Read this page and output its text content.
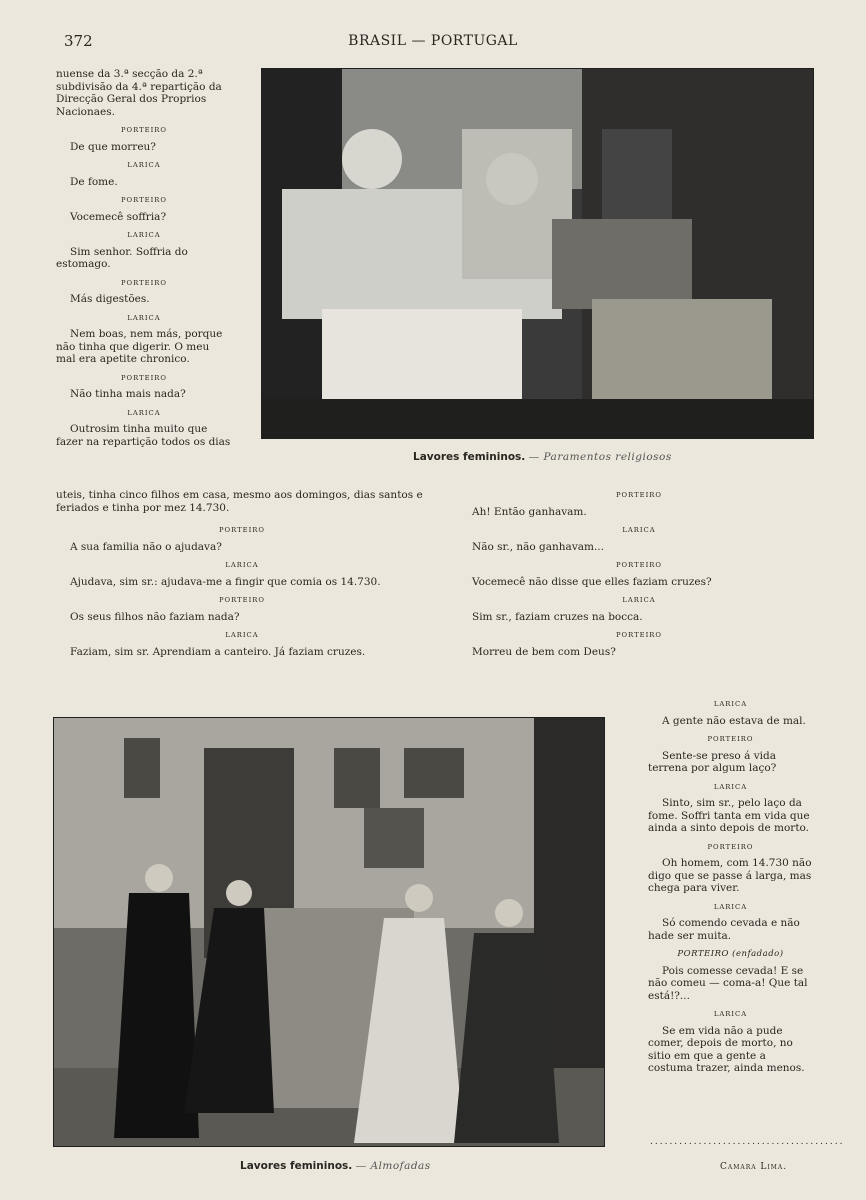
372	BRASIL — PORTUGAL

nuense da 3.ª secção da 2.ª subdivisão da 4.ª repartição da Direcção Geral dos Proprios Nacionaes.

PORTEIRO

De que morreu?

LARICA

De fome.

PORTEIRO

Vocemecê soffria?

LARICA

Sim senhor. Soffria do estomago.

PORTEIRO

Más digestões.

LARICA

Nem boas, nem más, porque não tinha que digerir. O meu mal era apetite chronico.

PORTEIRO

Não tinha mais nada?

LARICA

Outrosim tinha muito que fazer na repartição todos os dias

uteis, tinha cinco filhos em casa, mesmo aos domingos, dias santos e feriados e tinha por mez 14.730.

PORTEIRO

A sua familia não o ajudava?

LARICA

Ajudava, sim sr.: ajudava-me a fingir que comia os 14.730.

PORTEIRO

Os seus filhos não faziam nada?

LARICA

Faziam, sim sr. Aprendiam a canteiro. Já faziam cruzes.

PORTEIRO

Ah! Então ganhavam.

LARICA

Não sr., não ganhavam...

PORTEIRO

Vocemecê não disse que elles faziam cruzes?

LARICA

Sim sr., faziam cruzes na bocca.

PORTEIRO

Morreu de bem com Deus?

LARICA

A gente não estava de mal.

PORTEIRO

Sente-se preso á vida terrena por algum laço?

LARICA

Sinto, sim sr., pelo laço da fome. Soffri tanta em vida que ainda a sinto depois de morto.

PORTEIRO

Oh homem, com 14.730 não digo que se passe á larga, mas chega para viver.

LARICA

Só comendo cevada e não hade ser muita.

PORTEIRO (enfadado)

Pois comesse cevada! E se não comeu — coma-a! Que tal está!?...

LARICA

Se em vida não a pude comer, depois de morto, no sitio em que a gente a costuma trazer, ainda menos.

Lavores femininos. — Paramentos religiosos
Lavores femininos. — Almofadas
........................................
Camara Lima.
